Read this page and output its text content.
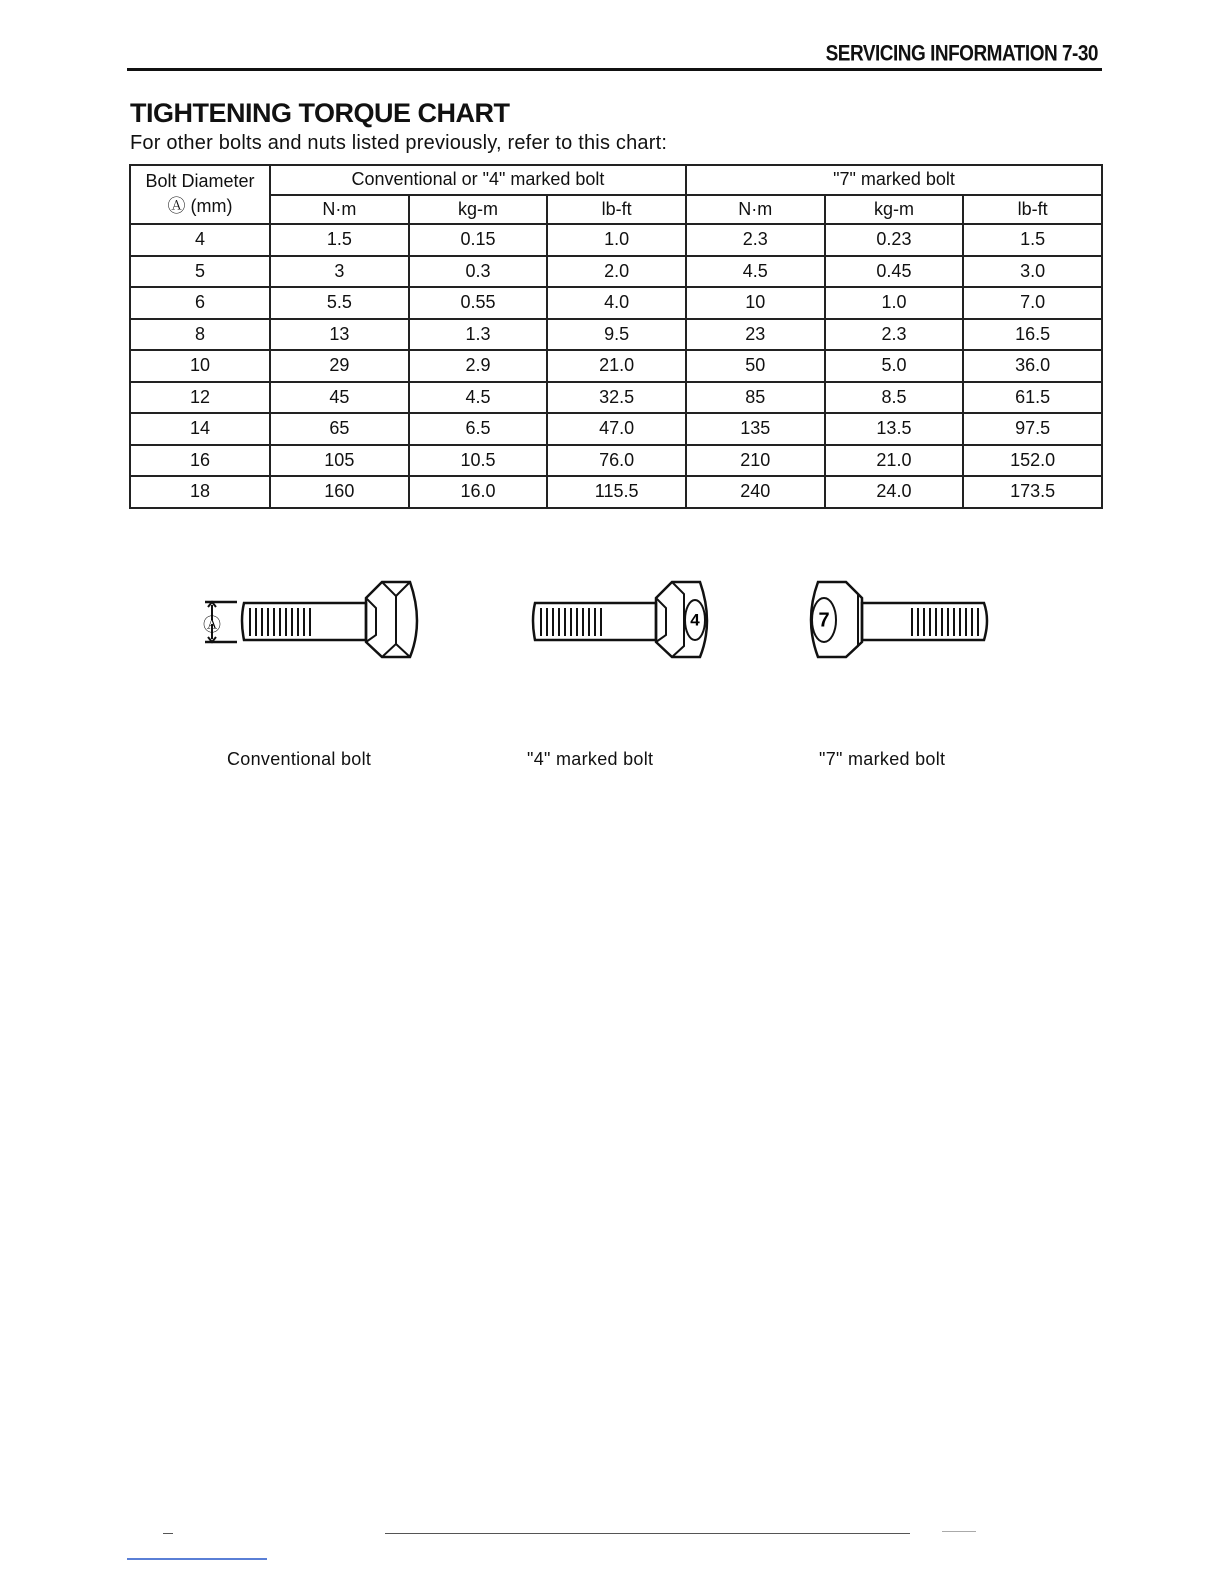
SERVICING INFORMATION 7-30
TIGHTENING TORQUE CHART
For other bolts and nuts listed previously, refer to this chart:
Bolt Diameter
Ⓐ (mm)	Conventional or "4" marked bolt			"7" marked bolt		
	N·m	kg-m	lb-ft	N·m	kg-m	lb-ft
4	1.5	0.15	1.0	2.3	0.23	1.5
5	3	0.3	2.0	4.5	0.45	3.0
6	5.5	0.55	4.0	10	1.0	7.0
8	13	1.3	9.5	23	2.3	16.5
10	29	2.9	21.0	50	5.0	36.0
12	45	4.5	32.5	85	8.5	61.5
14	65	6.5	47.0	135	13.5	97.5
16	105	10.5	76.0	210	21.0	152.0
18	160	16.0	115.5	240	24.0	173.5
Ⓐ	4	7
Conventional bolt	"4" marked bolt	"7" marked bolt
